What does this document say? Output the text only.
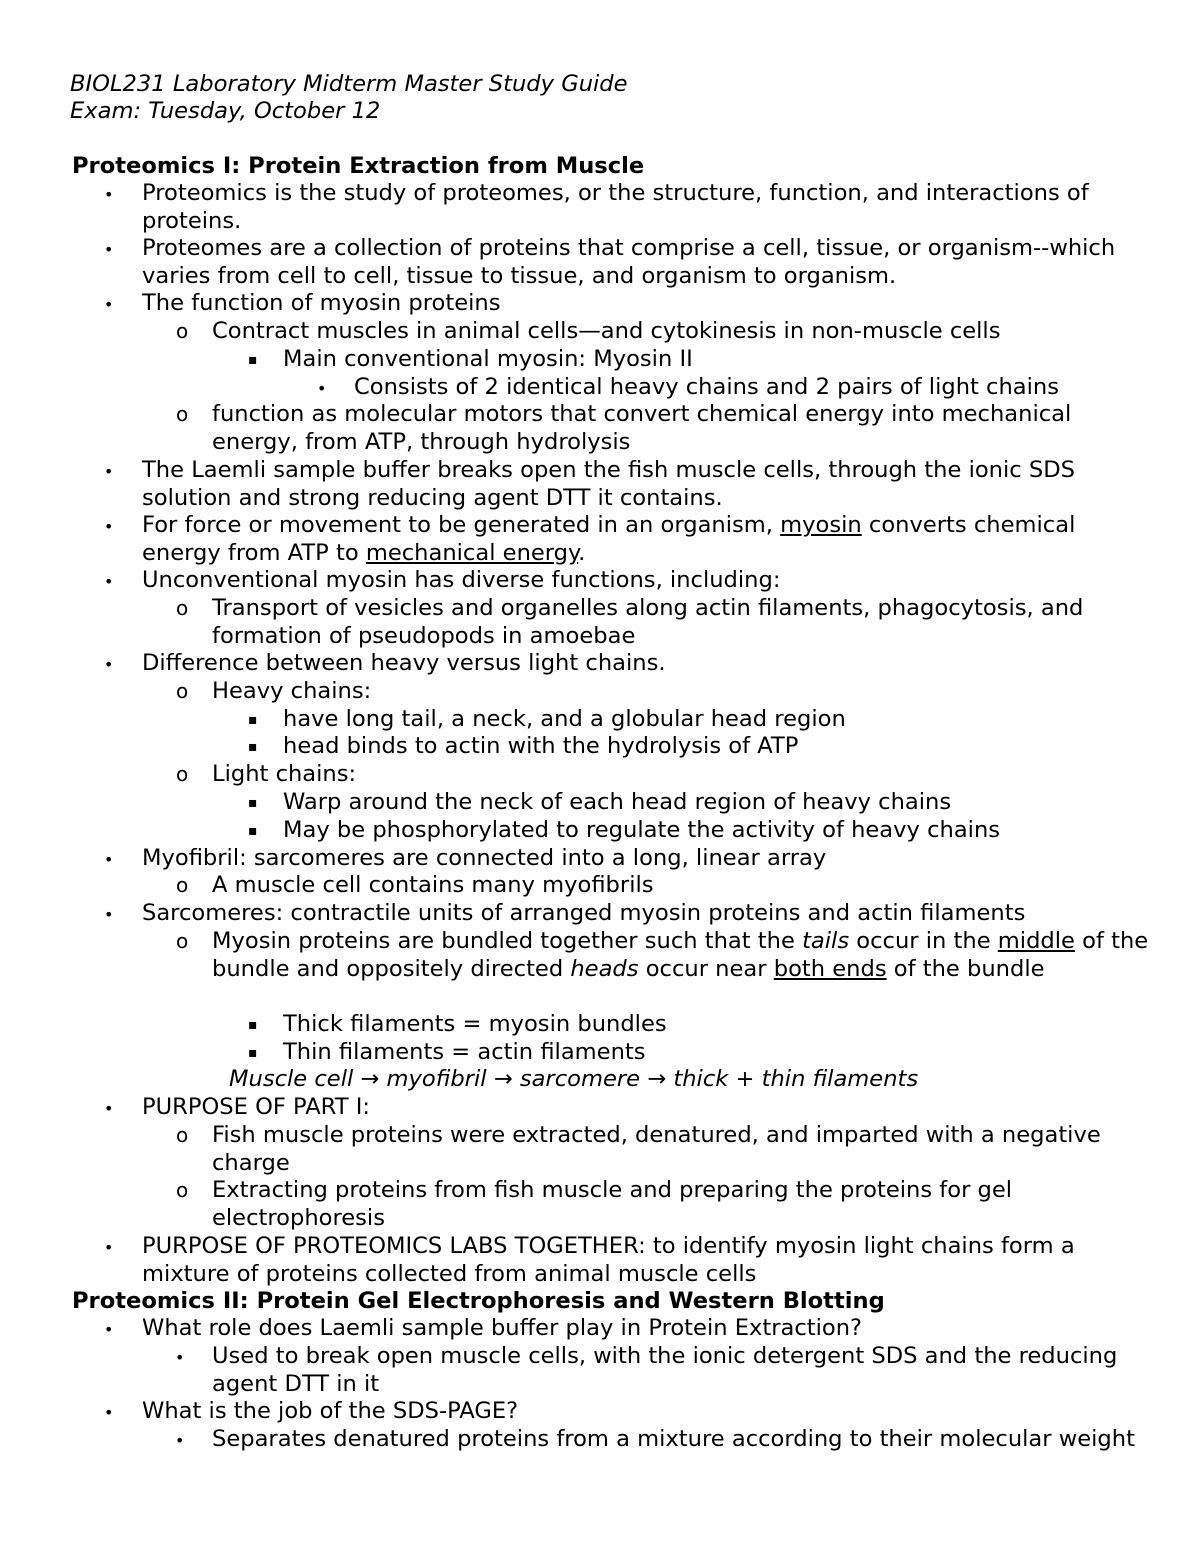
BIOL231 Laboratory Midterm Master Study Guide
Exam: Tuesday, October 12
Proteomics I: Protein Extraction from Muscle
• Proteomics is the study of proteomes, or the structure, function, and interactions of proteins.
• Proteomes are a collection of proteins that comprise a cell, tissue, or organism--which varies from cell to cell, tissue to tissue, and organism to organism.
• The function of myosin proteins
o Contract muscles in animal cells—and cytokinesis in non-muscle cells
▪ Main conventional myosin: Myosin II
• Consists of 2 identical heavy chains and 2 pairs of light chains
o function as molecular motors that convert chemical energy into mechanical energy, from ATP, through hydrolysis
• The Laemli sample buffer breaks open the fish muscle cells, through the ionic SDS solution and strong reducing agent DTT it contains.
• For force or movement to be generated in an organism, myosin converts chemical energy from ATP to mechanical energy.
• Unconventional myosin has diverse functions, including:
o Transport of vesicles and organelles along actin filaments, phagocytosis, and formation of pseudopods in amoebae
• Difference between heavy versus light chains.
o Heavy chains:
▪ have long tail, a neck, and a globular head region
▪ head binds to actin with the hydrolysis of ATP
o Light chains:
▪ Warp around the neck of each head region of heavy chains
▪ May be phosphorylated to regulate the activity of heavy chains
• Myofibril: sarcomeres are connected into a long, linear array
o A muscle cell contains many myofibrils
• Sarcomeres: contractile units of arranged myosin proteins and actin filaments
o Myosin proteins are bundled together such that the tails occur in the middle of the bundle and oppositely directed heads occur near both ends of the bundle
▪ Thick filaments = myosin bundles
▪ Thin filaments = actin filaments
Muscle cell → myofibril → sarcomere → thick + thin filaments
• PURPOSE OF PART I:
o Fish muscle proteins were extracted, denatured, and imparted with a negative charge
o Extracting proteins from fish muscle and preparing the proteins for gel electrophoresis
• PURPOSE OF PROTEOMICS LABS TOGETHER: to identify myosin light chains form a mixture of proteins collected from animal muscle cells
Proteomics II: Protein Gel Electrophoresis and Western Blotting
• What role does Laemli sample buffer play in Protein Extraction?
• Used to break open muscle cells, with the ionic detergent SDS and the reducing agent DTT in it
• What is the job of the SDS-PAGE?
• Separates denatured proteins from a mixture according to their molecular weight
